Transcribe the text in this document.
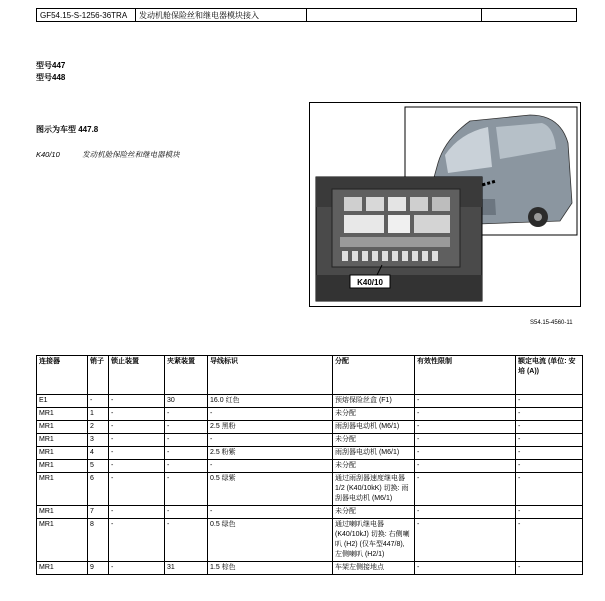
GF54.15-S-1256-36TRA	发动机舱保险丝和继电器模块接入		
型号447
型号448
图示为车型 447.8
K40/10	发动机舱保险丝和继电器模块
K40/10
S54.15-4560-11
连接器	销子	锁止装置	夹紧装置	导线标识	分配	有效性限制	额定电流 (单位: 安培 (A))
E1	-	-	30	16.0 红色	预熔保险丝盒 (F1)	-	-
MR1	1	-	-	-	未分配	-	-
MR1	2	-	-	2.5 黑粉	雨刮器电动机 (M6/1)	-	-
MR1	3	-	-	-	未分配	-	-
MR1	4	-	-	2.5 粉紫	雨刮器电动机 (M6/1)	-	-
MR1	5	-	-	-	未分配	-	-
MR1	6	-	-	0.5 绿紫	通过雨刮器速度继电器 1/2 (K40/10kK) 切换: 雨刮器电动机 (M6/1)	-	-
MR1	7	-	-	-	未分配	-	-
MR1	8	-	-	0.5 绿色	通过喇叭继电器 (K40/10kJ) 切换: 右侧喇叭 (H2) (仅车型447/8), 左侧喇叭 (H2/1)	-	-
MR1	9	-	31	1.5 棕色	车架左侧接地点	-	-
